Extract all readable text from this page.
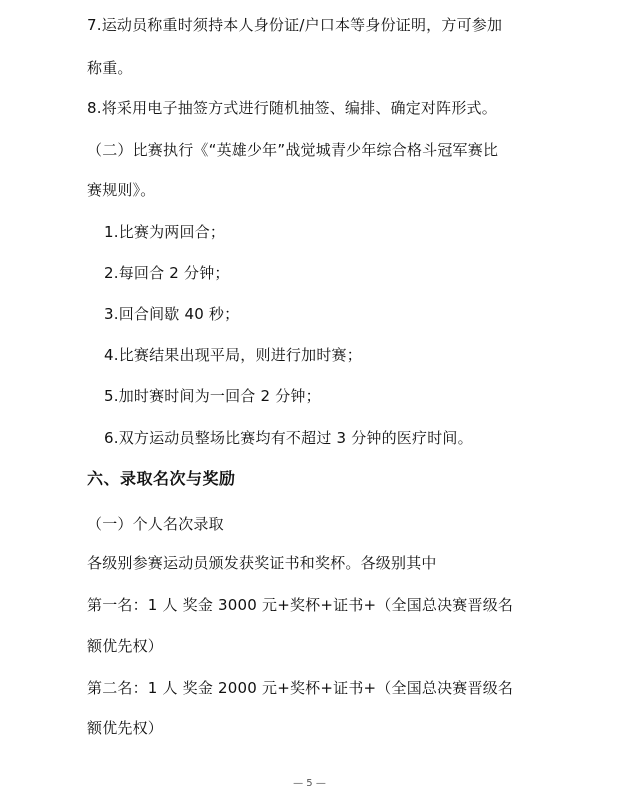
7.运动员称重时须持本人身份证/户口本等身份证明，方可参加
称重。
8.将采用电子抽签方式进行随机抽签、编排、确定对阵形式。
（二）比赛执行《“英雄少年”战觉城青少年综合格斗冠军赛比
赛规则》。
1.比赛为两回合；
2.每回合 2 分钟；
3.回合间歇 40 秒；
4.比赛结果出现平局，则进行加时赛；
5.加时赛时间为一回合 2 分钟；
6.双方运动员整场比赛均有不超过 3 分钟的医疗时间。
六、录取名次与奖励
（一）个人名次录取
各级别参赛运动员颁发获奖证书和奖杯。各级别其中
第一名：1 人 奖金 3000 元+奖杯+证书+（全国总决赛晋级名
额优先权）
第二名：1 人 奖金 2000 元+奖杯+证书+（全国总决赛晋级名
额优先权）
— 5 —
